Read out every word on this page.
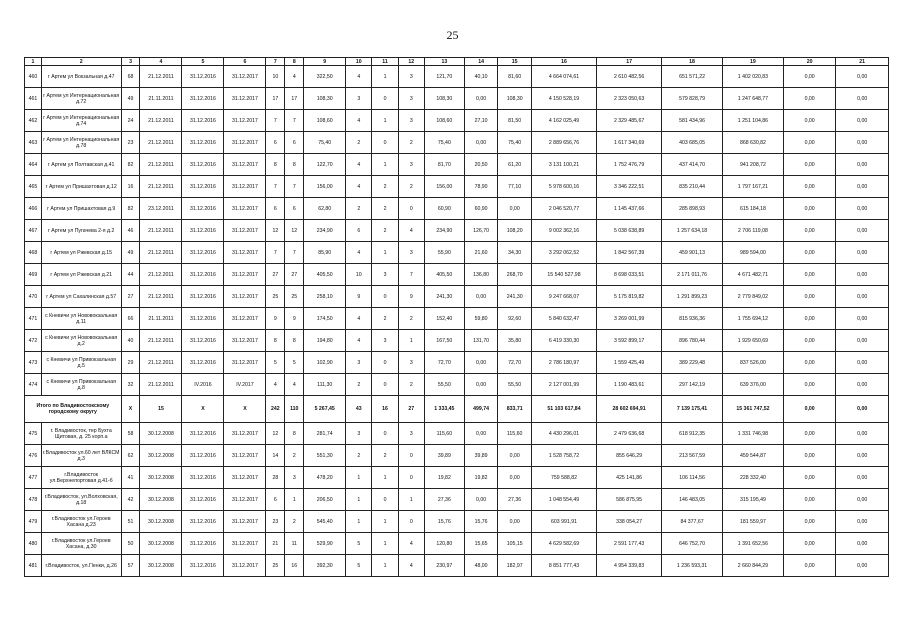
25
1	2	3	4	5	6	7	8	9	10	11	12	13	14	15	16	17	18	19	20	21
460	г Артем ул Вокзальная д.47	68	21.12.2011	31.12.2016	31.12.2017	10	4	322,50	4	1	3	121,70	40,10	81,60	4 664 074,61	2 610 482,56	651 571,22	1 402 020,83	0,00	0,00
461	г Артем ул Интернациональная д.72	49	21.11.2011	31.12.2016	31.12.2017	17	17	108,30	3	0	3	108,30	0,00	108,30	4 150 528,19	2 323 050,63	579 828,79	1 247 648,77	0,00	0,00
462	г Артем ул Интернациональная д.74	24	21.12.2011	31.12.2016	31.12.2017	7	7	108,60	4	1	3	108,60	27,10	81,50	4 162 025,49	2 329 485,67	581 434,96	1 251 104,86	0,00	0,00
463	г Артем ул Интернациональная д.78	23	21.12.2011	31.12.2016	31.12.2017	6	6	75,40	2	0	2	75,40	0,00	75,40	2 889 656,76	1 617 340,69	403 685,05	868 630,82	0,00	0,00
464	г Артем ул Полтавская д.41	82	21.12.2011	31.12.2016	31.12.2017	8	8	122,70	4	1	3	81,70	20,50	61,20	3 131 100,21	1 752 476,79	437 414,70	941 208,72	0,00	0,00
465	г Артем ул Пришахтовая д.12	16	21.12.2011	31.12.2016	31.12.2017	7	7	156,00	4	2	2	156,00	78,90	77,10	5 978 600,16	3 346 222,51	835 210,44	1 797 167,21	0,00	0,00
466	г Артем ул Пришахтовая д.9	82	23.12.2011	31.12.2016	31.12.2017	6	6	62,80	2	2	0	60,90	60,90	0,00	2 046 520,77	1 145 437,66	285 898,93	615 184,18	0,00	0,00
467	г Артем ул Пугачева 2-я д.2	46	21.12.2011	31.12.2016	31.12.2017	12	12	234,90	6	2	4	234,90	126,70	108,20	9 002 362,16	5 038 638,89	1 257 634,18	2 706 119,08	0,00	0,00
468	г Артем ул Ржевская д.15	49	21.12.2011	31.12.2016	31.12.2017	7	7	85,90	4	1	3	55,90	21,60	34,30	3 292 062,52	1 842 567,39	459 901,13	989 594,00	0,00	0,00
469	г Артем ул Ржевская д.21	44	21.12.2011	31.12.2016	31.12.2017	27	27	405,50	10	3	7	405,50	136,80	268,70	15 540 527,98	8 698 033,51	2 171 011,76	4 671 482,71	0,00	0,00
470	г Артем ул Сахалинская д.57	27	21.12.2011	31.12.2016	31.12.2017	25	25	258,10	9	0	9	241,30	0,00	241,30	9 247 668,07	5 175 819,82	1 291 899,23	2 779 849,02	0,00	0,00
471	с Кневичи ул Нововокзальная д.11	66	21.11.2011	31.12.2016	31.12.2017	9	9	174,50	4	2	2	152,40	59,80	92,60	5 840 632,47	3 269 001,99	815 936,36	1 755 694,12	0,00	0,00
472	с Кневичи ул Нововокзальная д.2	40	21.12.2011	31.12.2016	31.12.2017	8	8	194,80	4	3	1	167,50	131,70	35,80	6 419 330,30	3 592 899,17	896 780,44	1 929 650,69	0,00	0,00
473	с Кневичи ул Привокзальная д.5	29	21.12.2011	31.12.2016	31.12.2017	5	5	102,90	3	0	3	72,70	0,00	72,70	2 786 180,97	1 559 425,49	389 229,48	837 526,00	0,00	0,00
474	с Кневичи ул Привокзальная д.8	32	21.12.2011	IV.2016	IV.2017	4	4	111,30	2	0	2	55,50	0,00	55,50	2 127 001,99	1 190 483,61	297 142,19	639 376,00	0,00	0,00
Итого по Владивостокскому городскому округу		X	15	X	X	242	110	5 267,45	43	16	27	1 333,45	499,74	833,71	51 103 617,84	28 602 694,91	7 139 175,41	15 361 747,52	0,00	0,00
475	г. Владивосток, тер Бухта Щитовая, д. 25 корп.а	58	30.12.2008	31.12.2016	31.12.2017	12	8	281,74	3	0	3	115,60	0,00	115,60	4 430 296,01	2 479 636,68	618 912,35	1 331 746,98	0,00	0,00
476	г.Владивосток ул.60 лет ВЛКСМ д.3	62	30.12.2008	31.12.2016	31.12.2017	14	2	551,30	2	2	0	39,89	39,89	0,00	1 528 758,72	855 646,29	213 567,59	459 544,87	0,00	0,00
477	г.Владивосток ул.Верхнепортовая д.41-б	41	30.12.2008	31.12.2016	31.12.2017	28	3	478,20	1	1	0	19,82	19,82	0,00	759 588,82	425 141,86	106 114,56	228 332,40	0,00	0,00
478	г.Владивосток, ул.Волховская, д.18	42	30.12.2008	31.12.2016	31.12.2017	6	1	206,50	1	0	1	27,36	0,00	27,36	1 048 554,49	586 875,95	146 483,05	315 195,49	0,00	0,00
479	г.Владивосток ул.Героев Хасана д.23	51	30.12.2008	31.12.2016	31.12.2017	23	2	545,40	1	1	0	15,76	15,76	0,00	603 991,91	338 054,27	84 377,67	181 559,97	0,00	0,00
480	г.Владивосток ул.Героев Хасана, д.30	50	30.12.2008	31.12.2016	31.12.2017	21	11	529,90	5	1	4	120,80	15,65	105,15	4 629 582,69	2 591 177,43	646 752,70	1 391 652,56	0,00	0,00
481	г.Владивосток, ул.Гleнки, д.26	57	30.12.2008	31.12.2016	31.12.2017	25	16	392,30	5	1	4	230,97	48,00	182,97	8 851 777,43	4 954 339,83	1 236 593,31	2 660 844,29	0,00	0,00
